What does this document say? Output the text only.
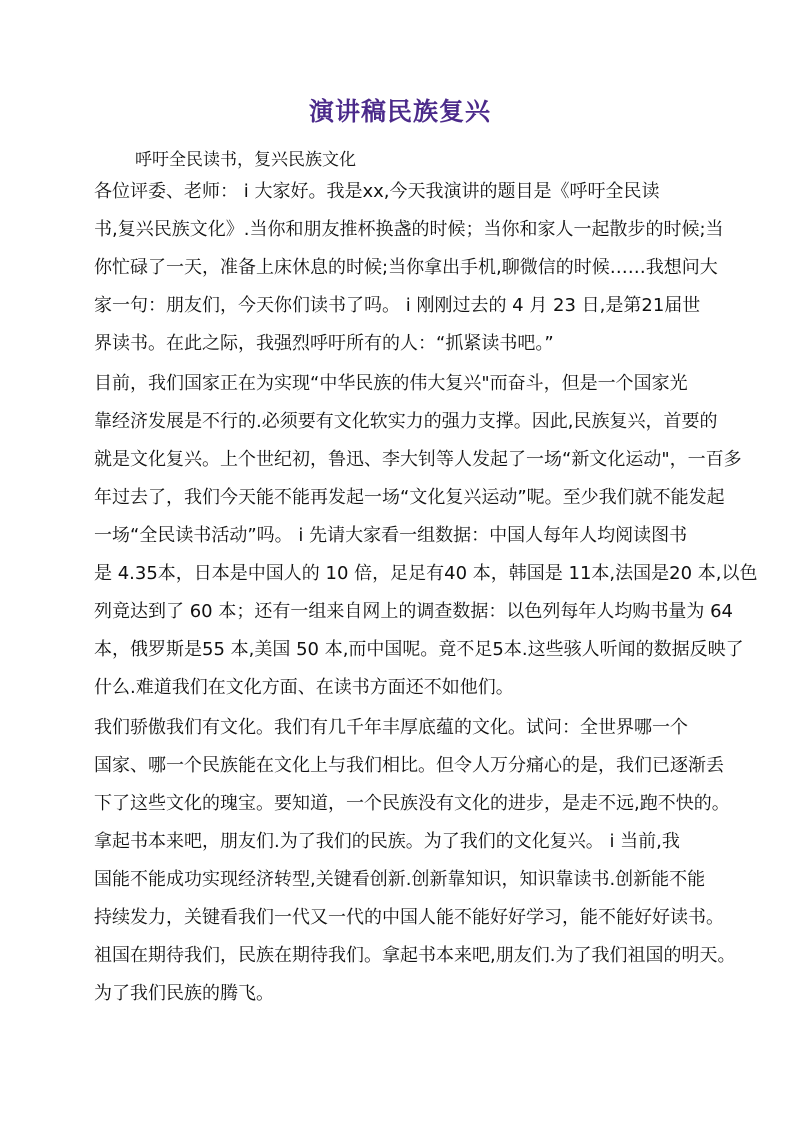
演讲稿民族复兴
呼吁全民读书，复兴民族文化
各位评委、老师： ⅰ 大家好。我是xx,今天我演讲的题目是《呼吁全民读
书,复兴民族文化》.当你和朋友推杯换盏的时候；当你和家人一起散步的时候;当
你忙碌了一天，准备上床休息的时候;当你拿出手机,聊微信的时候……我想问大
家一句：朋友们，今天你们读书了吗。 ⅰ 刚刚过去的 4 月 23 日,是第21届世
界读书。在此之际，我强烈呼吁所有的人：“抓紧读书吧。”
目前，我们国家正在为实现“中华民族的伟大复兴"而奋斗，但是一个国家光
靠经济发展是不行的.必须要有文化软实力的强力支撑。因此,民族复兴，首要的
就是文化复兴。上个世纪初，鲁迅、李大钊等人发起了一场“新文化运动"，一百多
年过去了，我们今天能不能再发起一场“文化复兴运动”呢。至少我们就不能发起
一场“全民读书活动”吗。 ⅰ 先请大家看一组数据：中国人每年人均阅读图书
是 4.35本，日本是中国人的 10 倍，足足有40 本，韩国是 11本,法国是20 本,以色
列竟达到了 60 本；还有一组来自网上的调查数据：以色列每年人均购书量为 64
本，俄罗斯是55 本,美国 50 本,而中国呢。竟不足5本.这些骇人听闻的数据反映了
什么.难道我们在文化方面、在读书方面还不如他们。
我们骄傲我们有文化。我们有几千年丰厚底蕴的文化。试问：全世界哪一个
国家、哪一个民族能在文化上与我们相比。但令人万分痛心的是，我们已逐渐丢
下了这些文化的瑰宝。要知道，一个民族没有文化的进步，是走不远,跑不快的。
拿起书本来吧，朋友们.为了我们的民族。为了我们的文化复兴。 ⅰ 当前,我
国能不能成功实现经济转型,关键看创新.创新靠知识，知识靠读书.创新能不能
持续发力，关键看我们一代又一代的中国人能不能好好学习，能不能好好读书。
祖国在期待我们，民族在期待我们。拿起书本来吧,朋友们.为了我们祖国的明天。
为了我们民族的腾飞。
